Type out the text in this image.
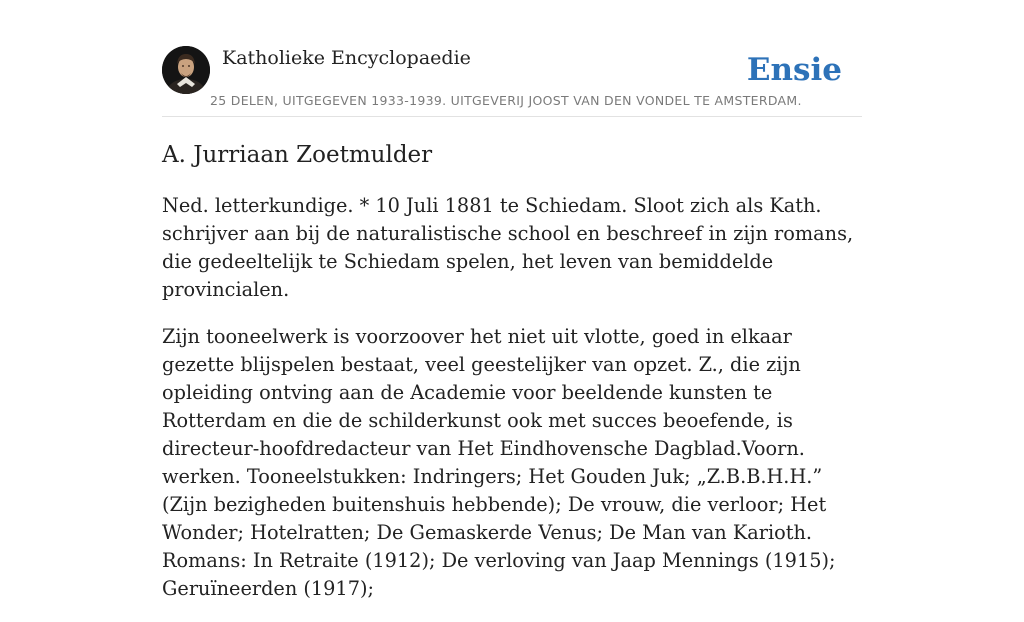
Katholieke Encyclopaedie	Ensie
25 DELEN, UITGEGEVEN 1933-1939. UITGEVERIJ JOOST VAN DEN VONDEL TE AMSTERDAM.
A. Jurriaan Zoetmulder

Ned. letterkundige. * 10 Juli 1881 te Schiedam. Sloot zich als Kath. schrijver aan bij de naturalistische school en beschreef in zijn romans, die gedeeltelijk te Schiedam spelen, het leven van bemiddelde provincialen.

Zijn tooneelwerk is voorzoover het niet uit vlotte, goed in elkaar gezette blijspelen bestaat, veel geestelijker van opzet. Z., die zijn opleiding ontving aan de Academie voor beeldende kunsten te Rotterdam en die de schilderkunst ook met succes beoefende, is directeur-hoofdredacteur van Het Eindhovensche Dagblad.Voorn. werken. Tooneelstukken: Indringers; Het Gouden Juk; „Z.B.B.H.H.” (Zijn bezigheden buitenshuis hebbende); De vrouw, die verloor; Het Wonder; Hotelratten; De Gemaskerde Venus; De Man van Karioth. Romans: In Retraite (1912); De verloving van Jaap Mennings (1915); Geruïneerden (1917);
